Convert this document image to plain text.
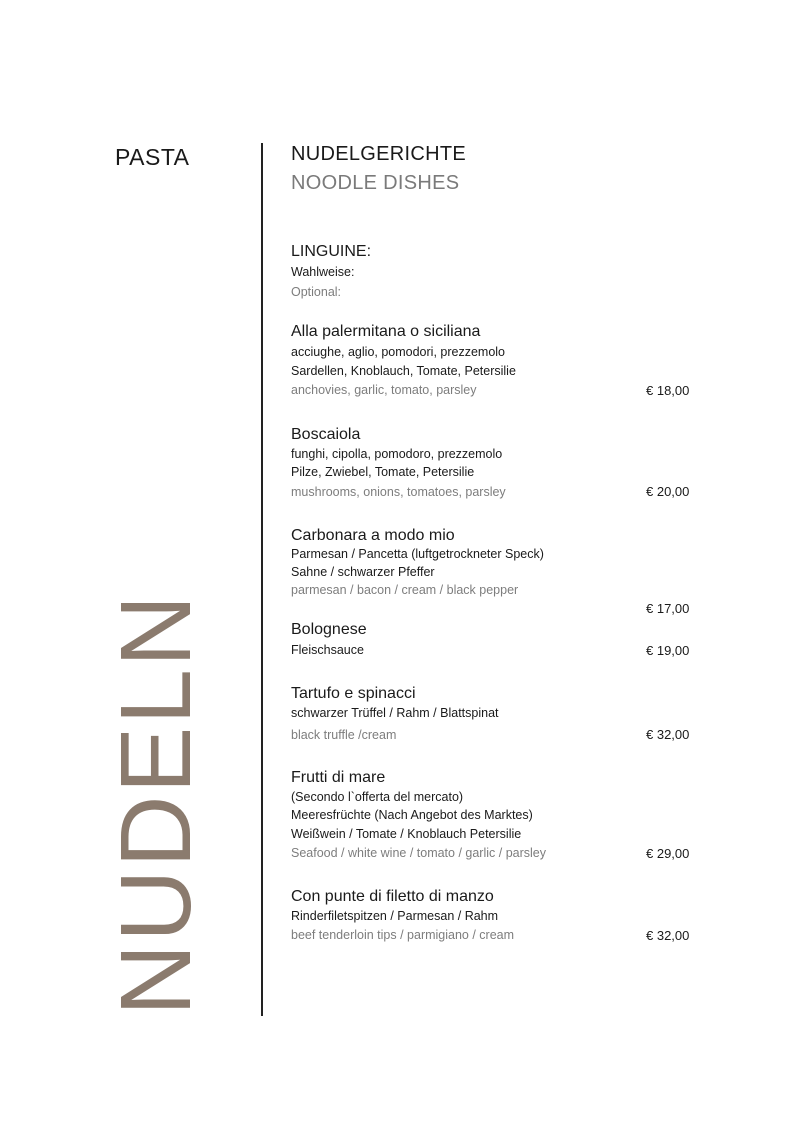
PASTA
NUDELN
NUDELGERICHTE
NOODLE DISHES
LINGUINE:
Wahlweise:
Optional:
Alla palermitana o siciliana
acciughe, aglio, pomodori, prezzemolo
Sardellen, Knoblauch, Tomate, Petersilie
anchovies, garlic, tomato, parsley	€ 18,00
Boscaiola
funghi, cipolla, pomodoro, prezzemolo
Pilze, Zwiebel, Tomate, Petersilie
mushrooms, onions, tomatoes, parsley	€ 20,00
Carbonara a modo mio
Parmesan / Pancetta (luftgetrockneter Speck)
Sahne / schwarzer Pfeffer
parmesan / bacon / cream / black pepper
€ 17,00
Bolognese
Fleischsauce	€ 19,00
Tartufo e spinacci
schwarzer Trüffel / Rahm / Blattspinat
black truffle /cream	€ 32,00
Frutti di mare
(Secondo l`offerta del mercato)
Meeresfrüchte (Nach Angebot des Marktes)
Weißwein / Tomate / Knoblauch Petersilie
Seafood / white wine / tomato / garlic / parsley	€ 29,00
Con punte di filetto di manzo
Rinderfiletspitzen / Parmesan / Rahm
beef tenderloin tips / parmigiano / cream	€ 32,00
